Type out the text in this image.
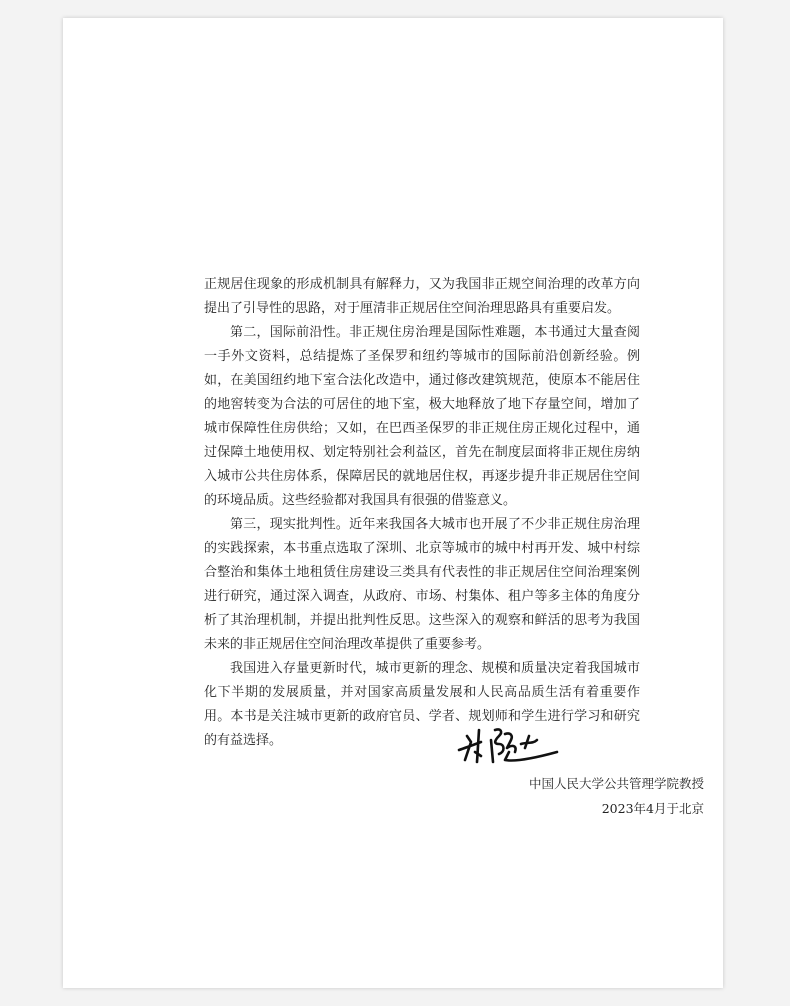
正规居住现象的形成机制具有解释力，又为我国非正规空间治理的改革方向提出了引导性的思路，对于厘清非正规居住空间治理思路具有重要启发。

第二，国际前沿性。非正规住房治理是国际性难题，本书通过大量查阅一手外文资料，总结提炼了圣保罗和纽约等城市的国际前沿创新经验。例如，在美国纽约地下室合法化改造中，通过修改建筑规范，使原本不能居住的地窖转变为合法的可居住的地下室，极大地释放了地下存量空间，增加了城市保障性住房供给；又如，在巴西圣保罗的非正规住房正规化过程中，通过保障土地使用权、划定特别社会利益区，首先在制度层面将非正规住房纳入城市公共住房体系，保障居民的就地居住权，再逐步提升非正规居住空间的环境品质。这些经验都对我国具有很强的借鉴意义。

第三，现实批判性。近年来我国各大城市也开展了不少非正规住房治理的实践探索，本书重点选取了深圳、北京等城市的城中村再开发、城中村综合整治和集体土地租赁住房建设三类具有代表性的非正规居住空间治理案例进行研究，通过深入调查，从政府、市场、村集体、租户等多主体的角度分析了其治理机制，并提出批判性反思。这些深入的观察和鲜活的思考为我国未来的非正规居住空间治理改革提供了重要参考。

我国进入存量更新时代，城市更新的理念、规模和质量决定着我国城市化下半期的发展质量，并对国家高质量发展和人民高品质生活有着重要作用。本书是关注城市更新的政府官员、学者、规划师和学生进行学习和研究的有益选择。

中国人民大学公共管理学院教授
2023年4月于北京
